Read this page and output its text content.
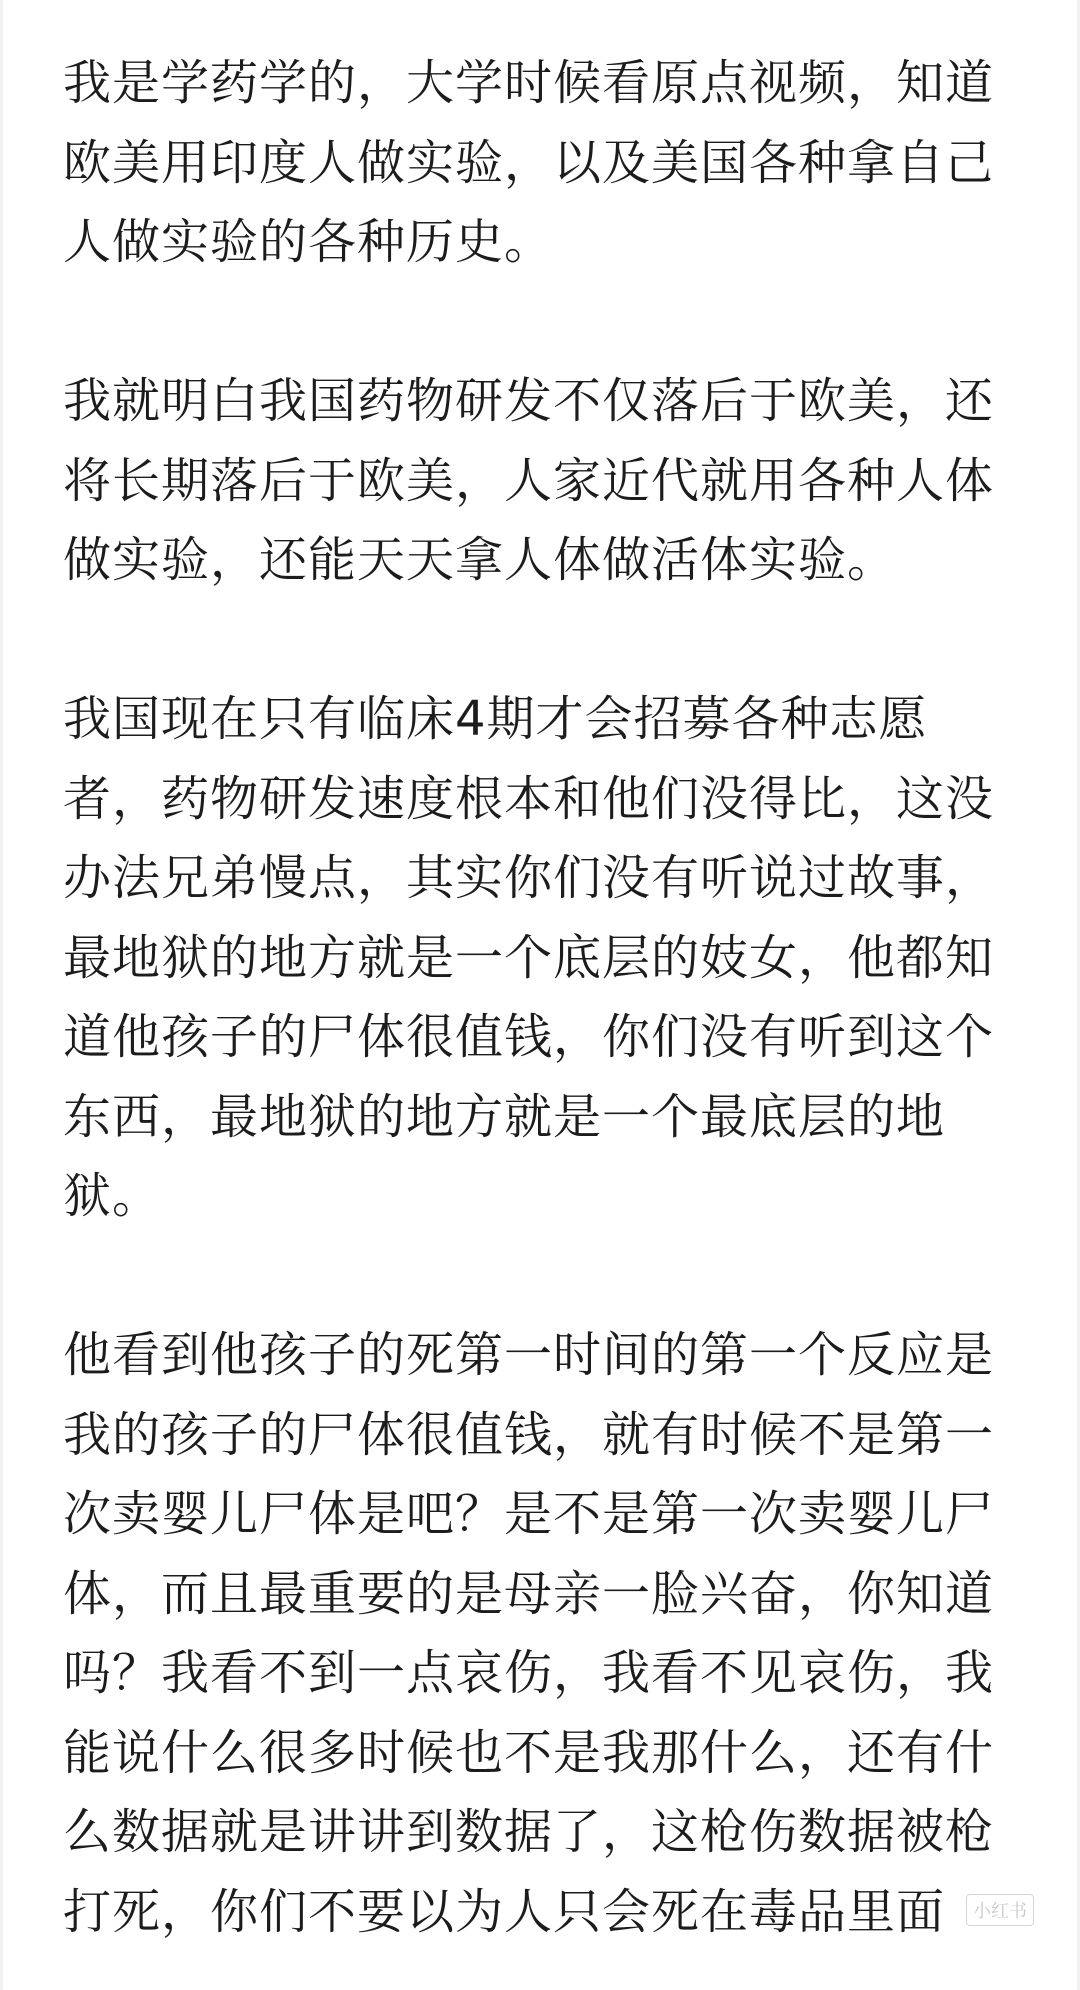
我是学药学的，大学时候看原点视频，知道
欧美用印度人做实验，以及美国各种拿自己
人做实验的各种历史。
我就明白我国药物研发不仅落后于欧美，还
将长期落后于欧美，人家近代就用各种人体
做实验，还能天天拿人体做活体实验。
我国现在只有临床4期才会招募各种志愿
者，药物研发速度根本和他们没得比，这没
办法兄弟慢点，其实你们没有听说过故事，
最地狱的地方就是一个底层的妓女，他都知
道他孩子的尸体很值钱，你们没有听到这个
东西，最地狱的地方就是一个最底层的地
狱。
他看到他孩子的死第一时间的第一个反应是
我的孩子的尸体很值钱，就有时候不是第一
次卖婴儿尸体是吧？是不是第一次卖婴儿尸
体，而且最重要的是母亲一脸兴奋，你知道
吗？我看不到一点哀伤，我看不见哀伤，我
能说什么很多时候也不是我那什么，还有什
么数据就是讲讲到数据了，这枪伤数据被枪
打死，你们不要以为人只会死在毒品里面	小红书
